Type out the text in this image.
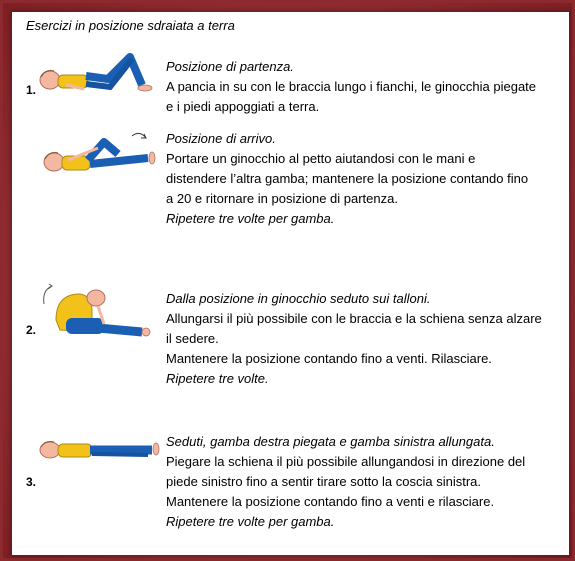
Esercizi in posizione sdraiata a terra
1.
Posizione di partenza.
A pancia in su con le braccia lungo i fianchi, le ginocchia piegate
e i piedi appoggiati a terra.
Posizione di arrivo.
Portare un ginocchio al petto aiutandosi con le mani e
distendere l’altra gamba; mantenere la posizione contando fino
a 20 e ritornare in posizione di partenza.
Ripetere tre volte per gamba.
2.
Dalla posizione in ginocchio seduto sui talloni.
Allungarsi il più possibile con le braccia e la schiena senza alzare
il sedere.
Mantenere la posizione contando fino a venti. Rilasciare.
Ripetere tre volte.
3.
Seduti, gamba destra piegata e gamba sinistra allungata.
Piegare la schiena il più possibile allungandosi in direzione del
piede sinistro fino a sentir tirare sotto la coscia sinistra.
Mantenere la posizione contando fino a venti e rilasciare.
Ripetere tre volte per gamba.
